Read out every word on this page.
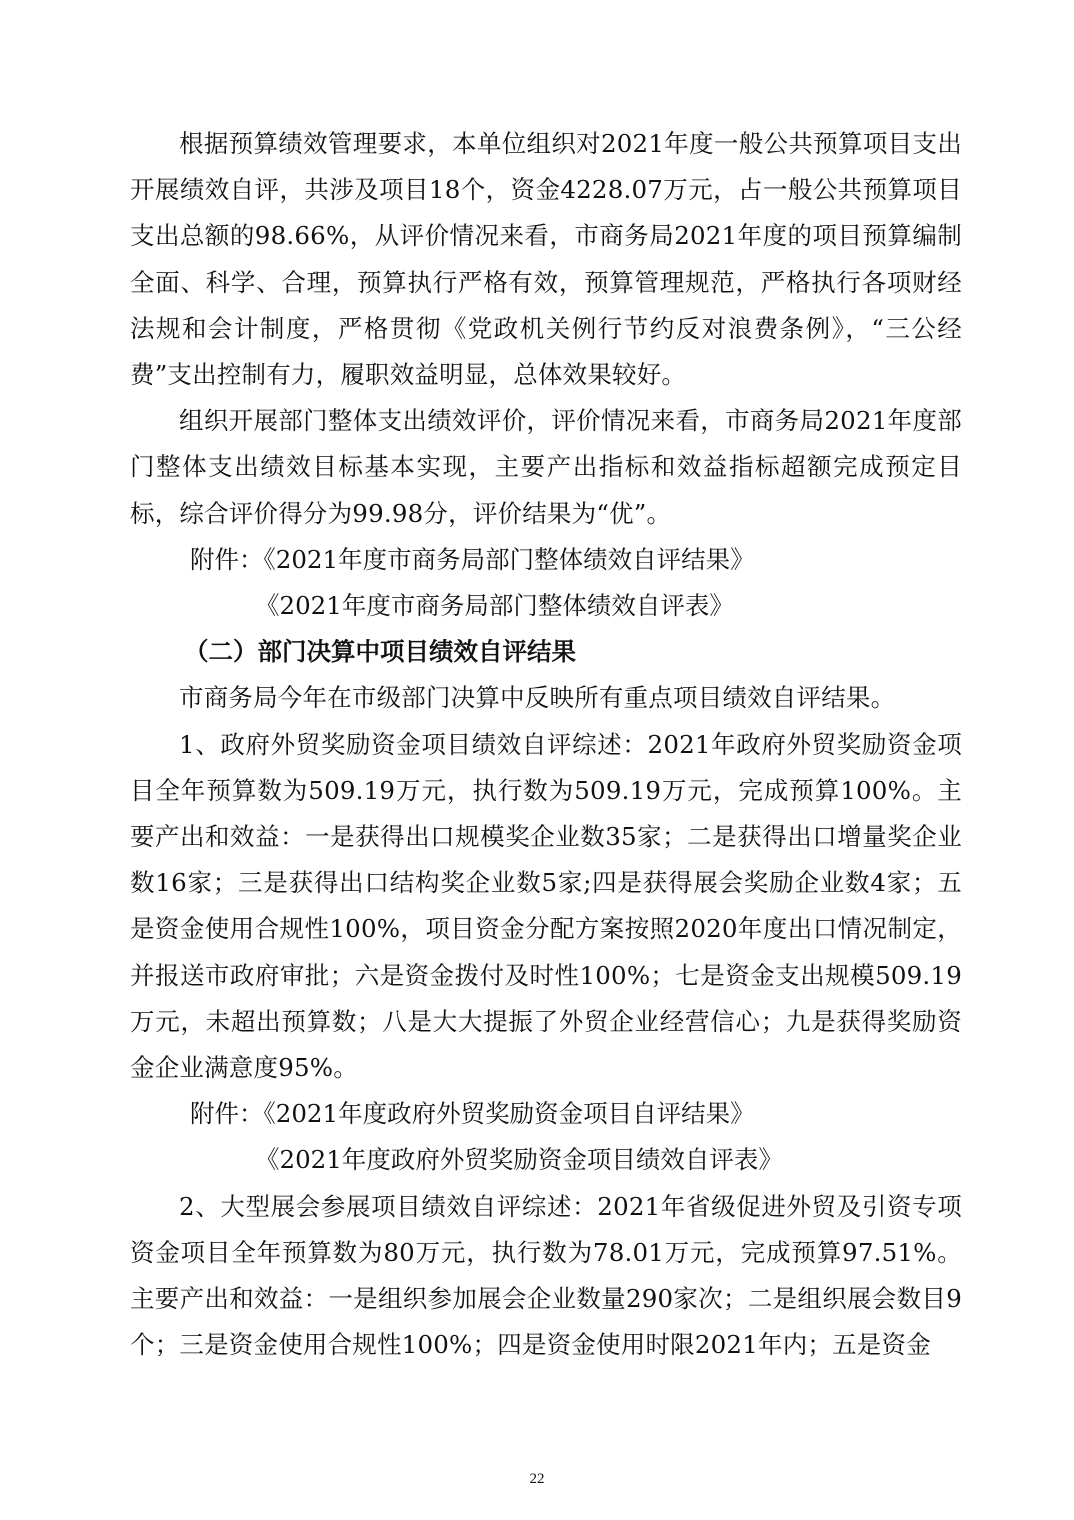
根据预算绩效管理要求，本单位组织对2021年度一般公共预算项目支出开展绩效自评，共涉及项目18个，资金4228.07万元，占一般公共预算项目支出总额的98.66%，从评价情况来看，市商务局2021年度的项目预算编制全面、科学、合理，预算执行严格有效，预算管理规范，严格执行各项财经法规和会计制度，严格贯彻《党政机关例行节约反对浪费条例》，“三公经费”支出控制有力，履职效益明显，总体效果较好。

组织开展部门整体支出绩效评价，评价情况来看，市商务局2021年度部门整体支出绩效目标基本实现，主要产出指标和效益指标超额完成预定目标，综合评价得分为99.98分，评价结果为“优”。

附件：《2021年度市商务局部门整体绩效自评结果》

《2021年度市商务局部门整体绩效自评表》

（二）部门决算中项目绩效自评结果

市商务局今年在市级部门决算中反映所有重点项目绩效自评结果。

1、政府外贸奖励资金项目绩效自评综述：2021年政府外贸奖励资金项目全年预算数为509.19万元，执行数为509.19万元，完成预算100%。主要产出和效益：一是获得出口规模奖企业数35家；二是获得出口增量奖企业数16家；三是获得出口结构奖企业数5家;四是获得展会奖励企业数4家；五是资金使用合规性100%，项目资金分配方案按照2020年度出口情况制定，并报送市政府审批；六是资金拨付及时性100%；七是资金支出规模509.19万元，未超出预算数；八是大大提振了外贸企业经营信心；九是获得奖励资金企业满意度95%。

附件：《2021年度政府外贸奖励资金项目自评结果》

《2021年度政府外贸奖励资金项目绩效自评表》

2、大型展会参展项目绩效自评综述：2021年省级促进外贸及引资专项资金项目全年预算数为80万元，执行数为78.01万元，完成预算97.51%。主要产出和效益：一是组织参加展会企业数量290家次；二是组织展会数目9个；三是资金使用合规性100%；四是资金使用时限2021年内；五是资金

22
